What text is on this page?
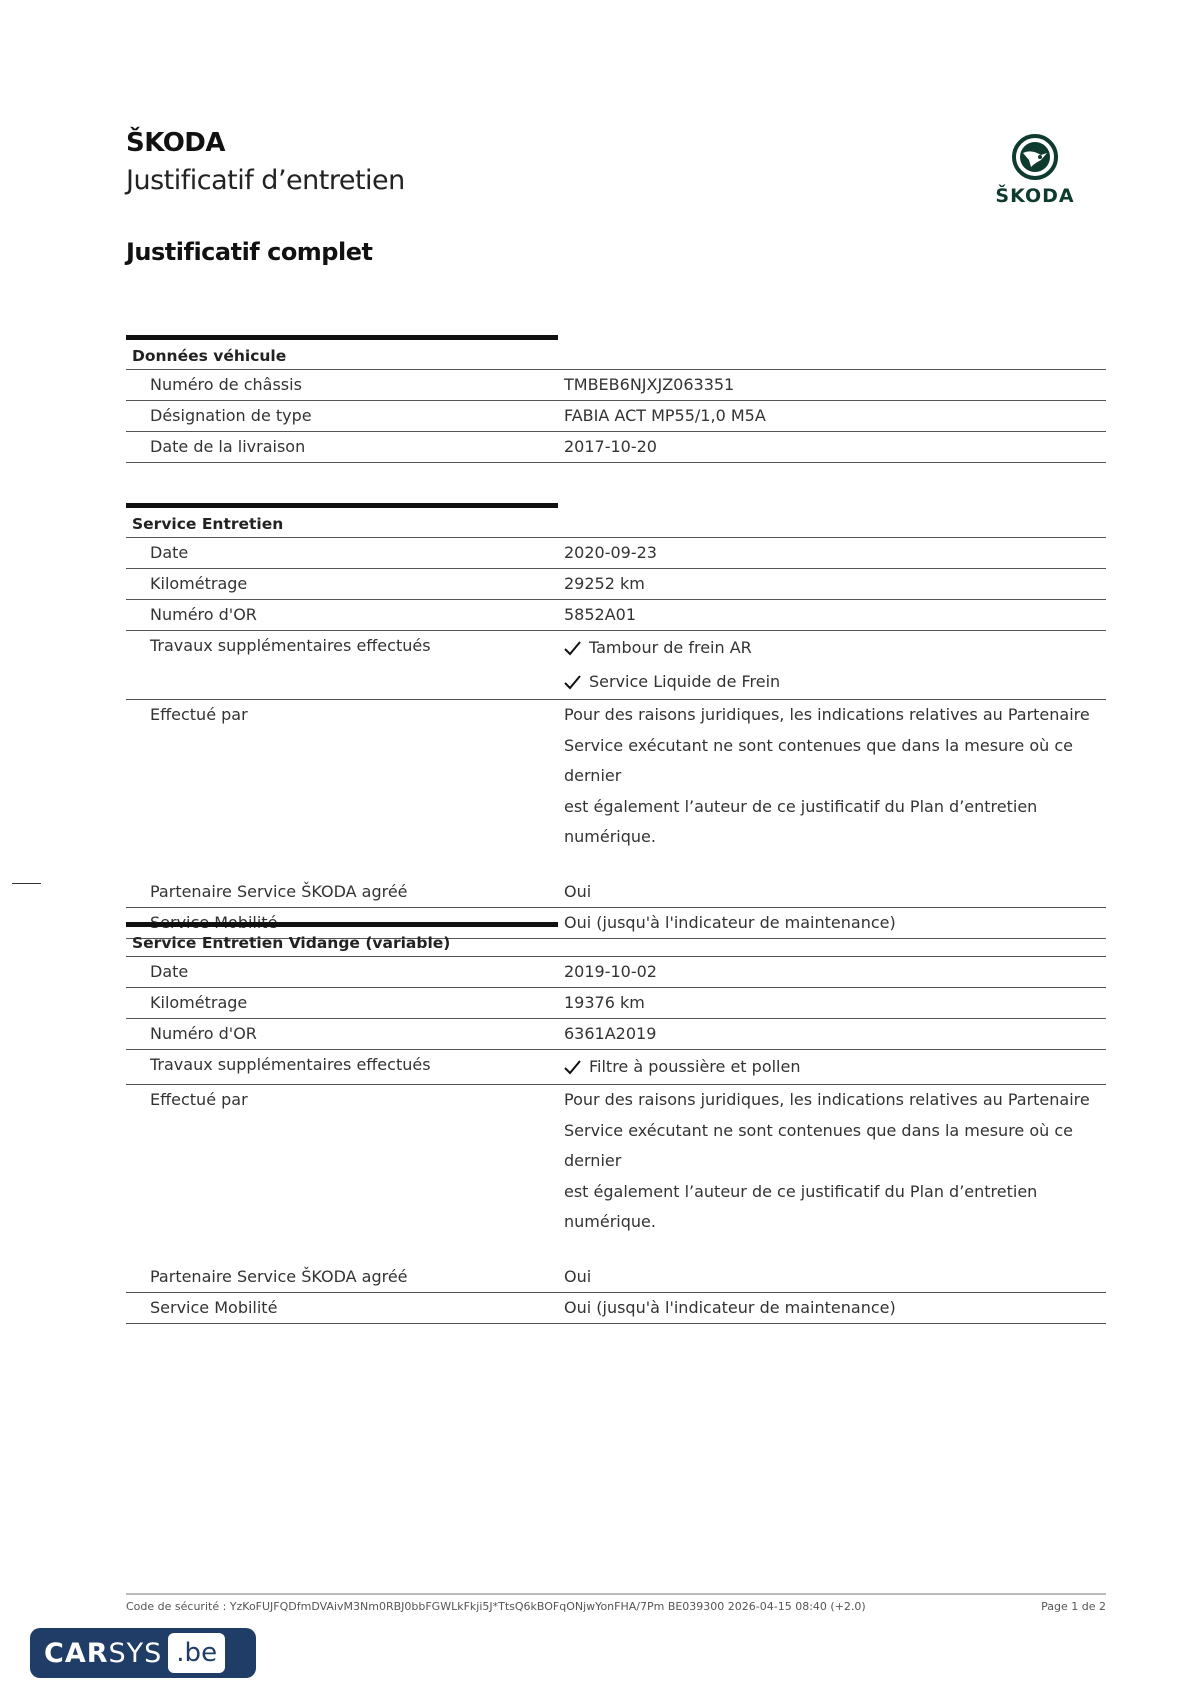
ŠKODA
Justificatif d’entretien
Justificatif complet
ŠKODA
Données véhicule
Numéro de châssis	TMBEB6NJXJZ063351
Désignation de type	FABIA ACT MP55/1,0 M5A
Date de la livraison	2017-10-20
Service Entretien
Date	2020-09-23
Kilométrage	29252 km
Numéro d'OR	5852A01
Travaux supplémentaires effectués	Tambour de frein AR
Service Liquide de Frein
Effectué par	Pour des raisons juridiques, les indications relatives au Partenaire
Service exécutant ne sont contenues que dans la mesure où ce dernier
est également l’auteur de ce justificatif du Plan d’entretien numérique.
Partenaire Service ŠKODA agréé	Oui
Service Mobilité	Oui (jusqu'à l'indicateur de maintenance)
Service Entretien Vidange (variable)
Date	2019-10-02
Kilométrage	19376 km
Numéro d'OR	6361A2019
Travaux supplémentaires effectués	Filtre à poussière et pollen
Effectué par	Pour des raisons juridiques, les indications relatives au Partenaire
Service exécutant ne sont contenues que dans la mesure où ce dernier
est également l’auteur de ce justificatif du Plan d’entretien numérique.
Partenaire Service ŠKODA agréé	Oui
Service Mobilité	Oui (jusqu'à l'indicateur de maintenance)
Code de sécurité : YzKoFUJFQDfmDVAivM3Nm0RBJ0bbFGWLkFkji5J*TtsQ6kBOFqONjwYonFHA/7Pm BE039300 2026-04-15 08:40 (+2.0)	Page 1 de 2
CAR SYS .be
